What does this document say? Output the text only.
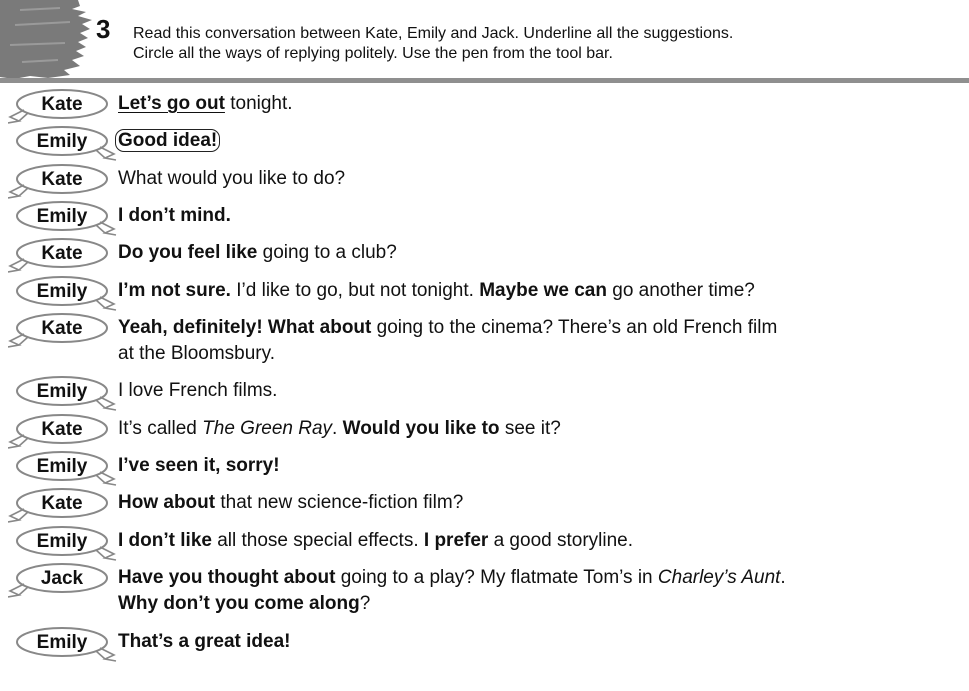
3 Read this conversation between Kate, Emily and Jack. Underline all the suggestions.
Circle all the ways of replying politely. Use the pen from the tool bar.
Kate	Let’s go out tonight.
Emily	Good idea!
Kate	What would you like to do?
Emily	I don’t mind.
Kate	Do you feel like going to a club?
Emily	I’m not sure. I’d like to go, but not tonight. Maybe we can go another time?
Kate	Yeah, definitely! What about going to the cinema? There’s an old French film
at the Bloomsbury.
Emily	I love French films.
Kate	It’s called The Green Ray. Would you like to see it?
Emily	I’ve seen it, sorry!
Kate	How about that new science-fiction film?
Emily	I don’t like all those special effects. I prefer a good storyline.
Jack	Have you thought about going to a play? My flatmate Tom’s in Charley’s Aunt.
Why don’t you come along?
Emily	That’s a great idea!
